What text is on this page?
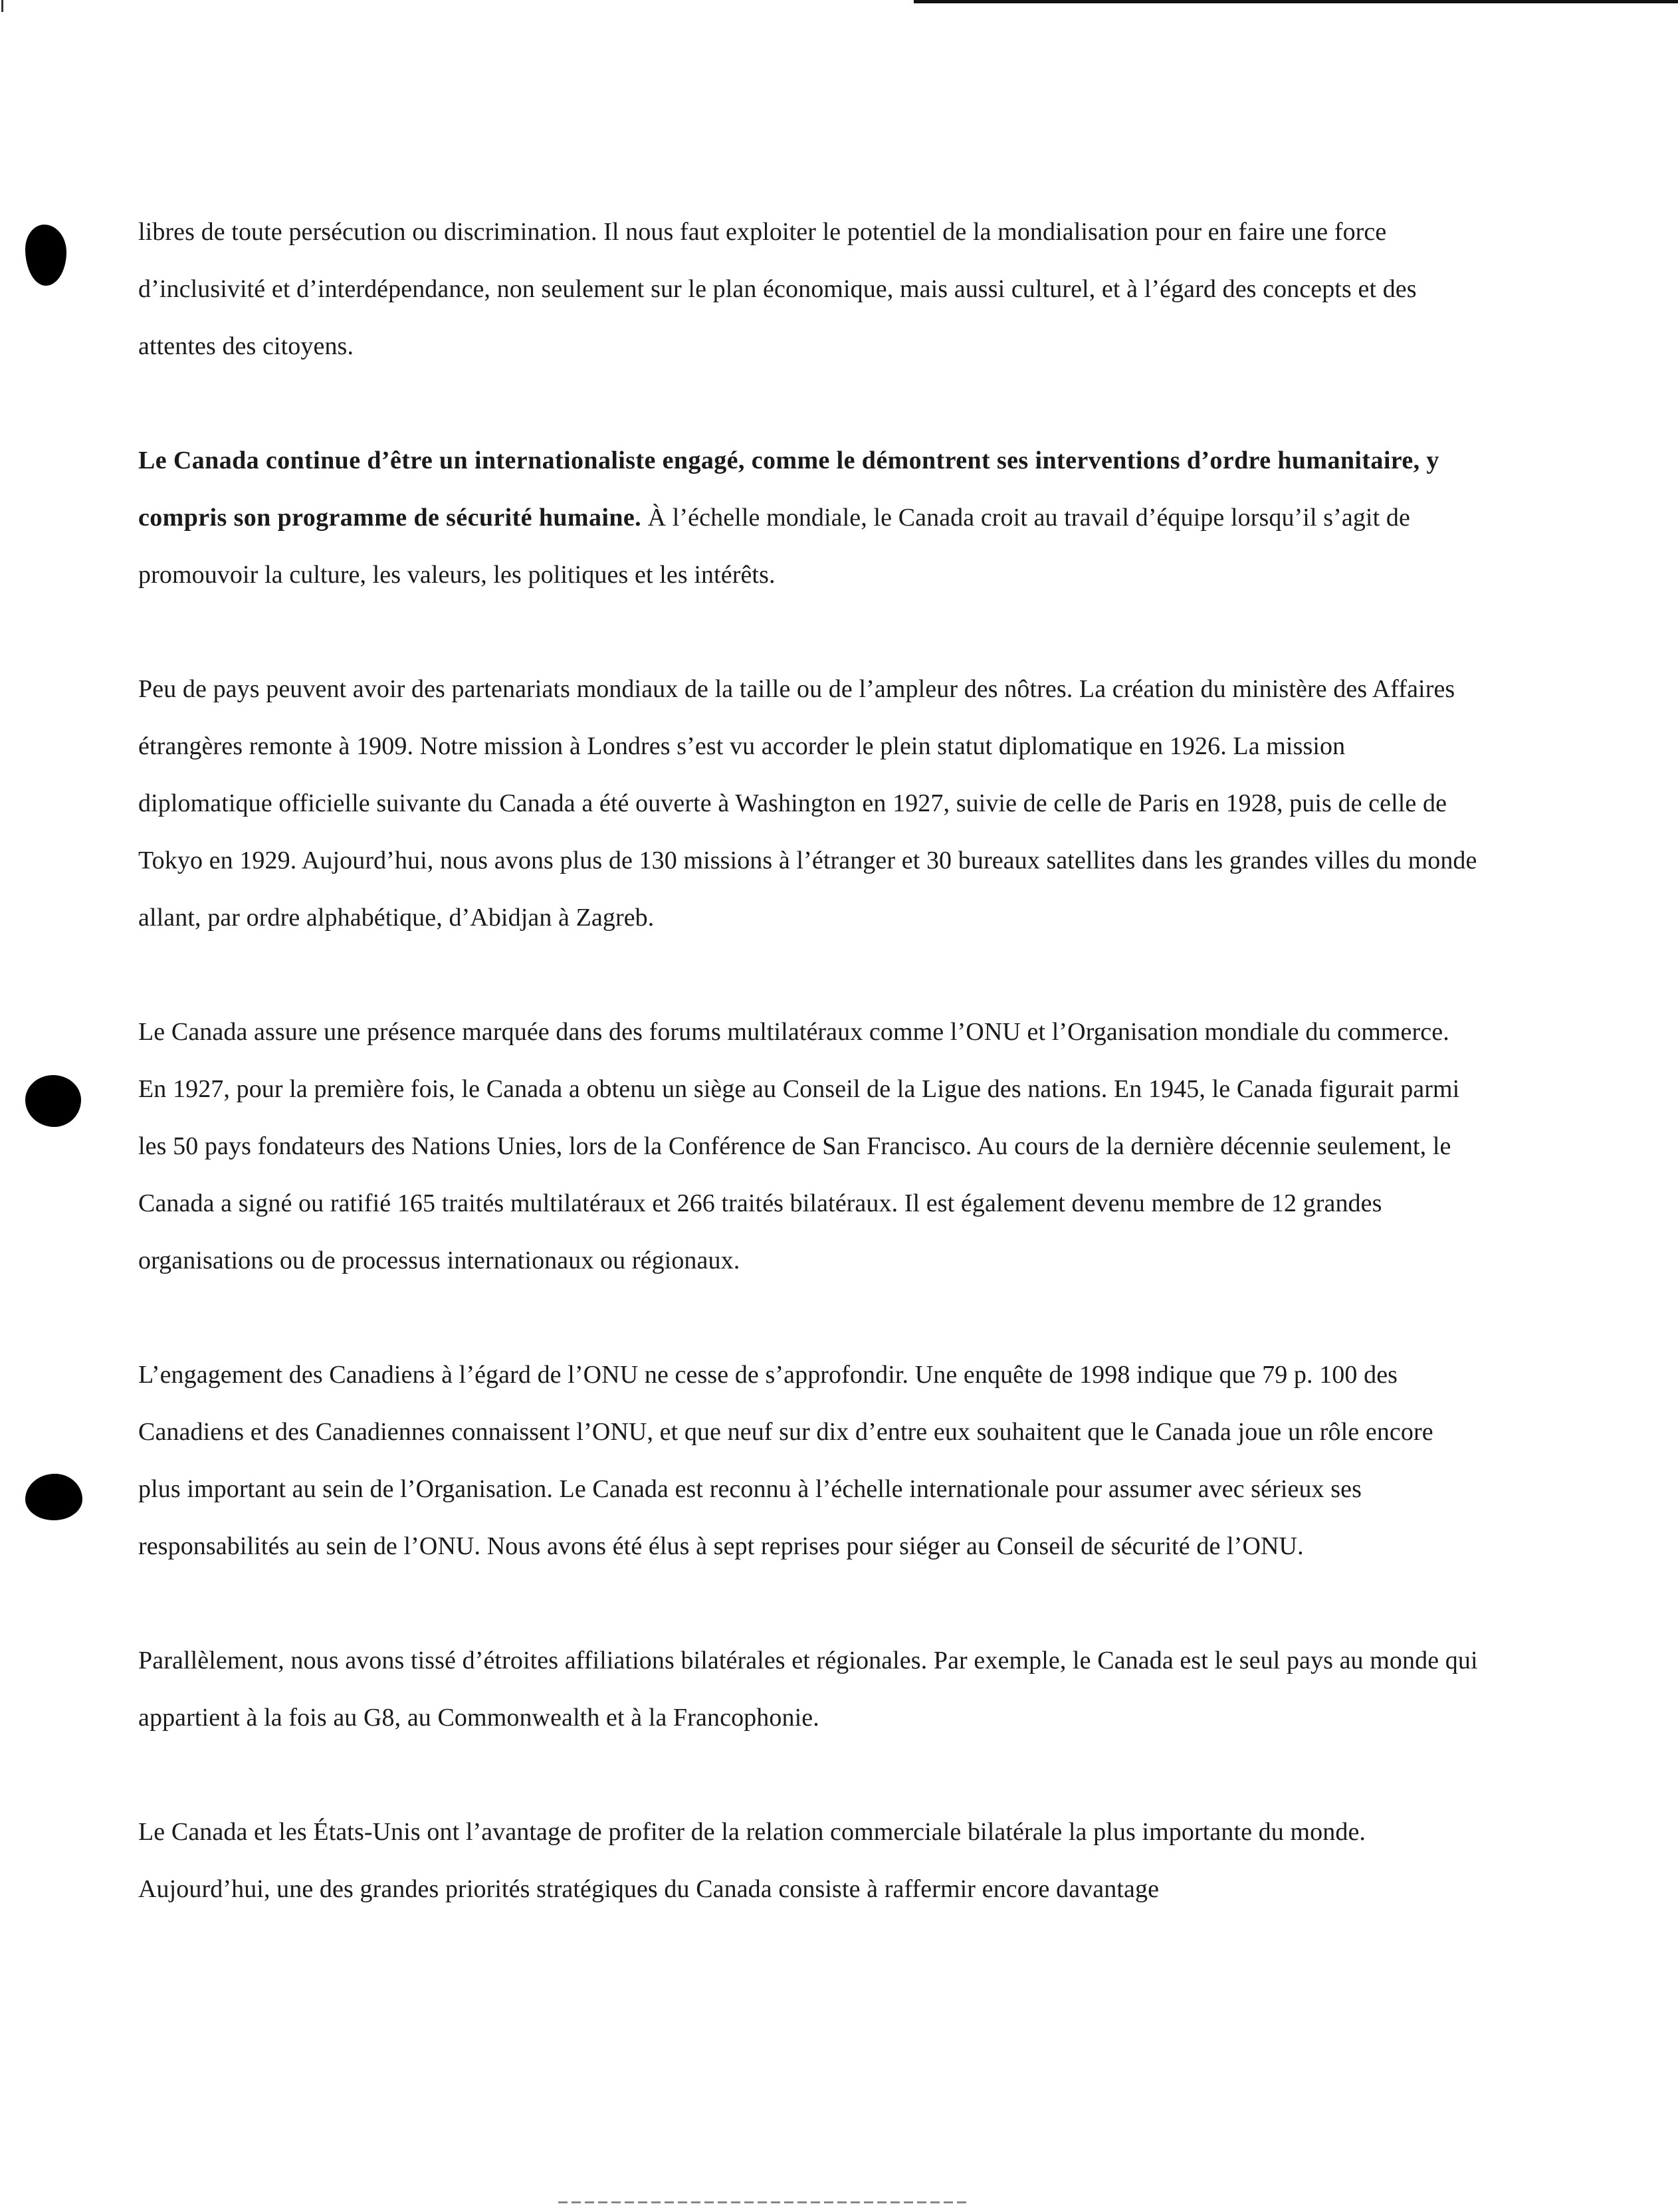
libres de toute persécution ou discrimination. Il nous faut exploiter le potentiel de la mondialisation pour en faire une force d’inclusivité et d’interdépendance, non seulement sur le plan économique, mais aussi culturel, et à l’égard des concepts et des attentes des citoyens.

Le Canada continue d’être un internationaliste engagé, comme le démontrent ses interventions d’ordre humanitaire, y compris son programme de sécurité humaine. À l’échelle mondiale, le Canada croit au travail d’équipe lorsqu’il s’agit de promouvoir la culture, les valeurs, les politiques et les intérêts.

Peu de pays peuvent avoir des partenariats mondiaux de la taille ou de l’ampleur des nôtres. La création du ministère des Affaires étrangères remonte à 1909. Notre mission à Londres s’est vu accorder le plein statut diplomatique en 1926. La mission diplomatique officielle suivante du Canada a été ouverte à Washington en 1927, suivie de celle de Paris en 1928, puis de celle de Tokyo en 1929. Aujourd’hui, nous avons plus de 130 missions à l’étranger et 30 bureaux satellites dans les grandes villes du monde allant, par ordre alphabétique, d’Abidjan à Zagreb.

Le Canada assure une présence marquée dans des forums multilatéraux comme l’ONU et l’Organisation mondiale du commerce. En 1927, pour la première fois, le Canada a obtenu un siège au Conseil de la Ligue des nations. En 1945, le Canada figurait parmi les 50 pays fondateurs des Nations Unies, lors de la Conférence de San Francisco. Au cours de la dernière décennie seulement, le Canada a signé ou ratifié 165 traités multilatéraux et 266 traités bilatéraux. Il est également devenu membre de 12 grandes organisations ou de processus internationaux ou régionaux.

L’engagement des Canadiens à l’égard de l’ONU ne cesse de s’approfondir. Une enquête de 1998 indique que 79 p. 100 des Canadiens et des Canadiennes connaissent l’ONU, et que neuf sur dix d’entre eux souhaitent que le Canada joue un rôle encore plus important au sein de l’Organisation. Le Canada est reconnu à l’échelle internationale pour assumer avec sérieux ses responsabilités au sein de l’ONU. Nous avons été élus à sept reprises pour siéger au Conseil de sécurité de l’ONU.

Parallèlement, nous avons tissé d’étroites affiliations bilatérales et régionales. Par exemple, le Canada est le seul pays au monde qui appartient à la fois au G8, au Commonwealth et à la Francophonie.

Le Canada et les États-Unis ont l’avantage de profiter de la relation commerciale bilatérale la plus importante du monde. Aujourd’hui, une des grandes priorités stratégiques du Canada consiste à raffermir encore davantage
